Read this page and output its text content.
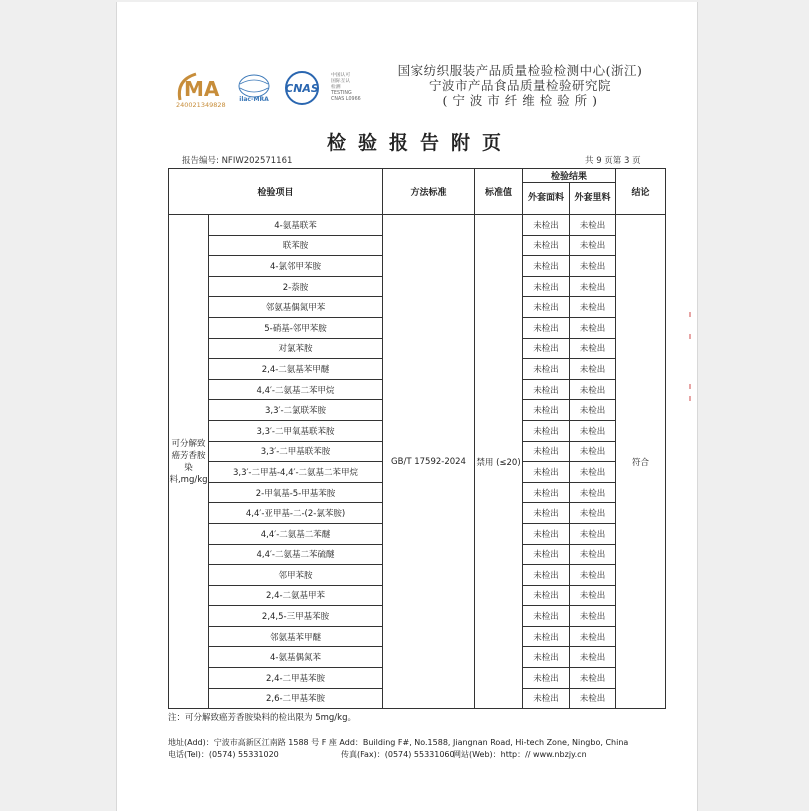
MA	ilac-MRA
CNAS
240021349828
中国认可
国际互认
检测
TESTING
CNAS L0966
国家纺织服装产品质量检验检测中心(浙江)
宁波市产品食品质量检验研究院
( 宁 波 市 纤 维 检 验 所 )
检验报告附页
报告编号: NFIW202571161	共 9 页第 3 页
检验项目		方法标准	标准值	检验结果		结论
				外套面料	外套里料	
可分解致癌芳香胺染料,mg/kg	4-氨基联苯	GB/T 17592-2024	禁用 (≤20)	未检出	未检出	符合
	联苯胺			未检出	未检出	
	4-氯邻甲苯胺			未检出	未检出	
	2-萘胺			未检出	未检出	
	邻氨基偶氮甲苯			未检出	未检出	
	5-硝基-邻甲苯胺			未检出	未检出	
	对氯苯胺			未检出	未检出	
	2,4-二氨基苯甲醚			未检出	未检出	
	4,4′-二氨基二苯甲烷			未检出	未检出	
	3,3′-二氯联苯胺			未检出	未检出	
	3,3′-二甲氧基联苯胺			未检出	未检出	
	3,3′-二甲基联苯胺			未检出	未检出	
	3,3′-二甲基-4,4′-二氨基二苯甲烷			未检出	未检出	
	2-甲氧基-5-甲基苯胺			未检出	未检出	
	4,4′-亚甲基-二-(2-氯苯胺)			未检出	未检出	
	4,4′-二氨基二苯醚			未检出	未检出	
	4,4′-二氨基二苯硫醚			未检出	未检出	
	邻甲苯胺			未检出	未检出	
	2,4-二氨基甲苯			未检出	未检出	
	2,4,5-三甲基苯胺			未检出	未检出	
	邻氨基苯甲醚			未检出	未检出	
	4-氨基偶氮苯			未检出	未检出	
	2,4-二甲基苯胺			未检出	未检出	
	2,6-二甲基苯胺			未检出	未检出	
注：可分解致癌芳香胺染料的检出限为 5mg/kg。
地址(Add)：宁波市高新区江南路 1588 号 F 座 Add：Building F#, No.1588, Jiangnan Road, Hi-tech Zone, Ningbo, China
电话(Tel)：(0574) 55331020	传真(Fax)：(0574) 55331060
网站(Web)：http：// www.nbzjy.cn
